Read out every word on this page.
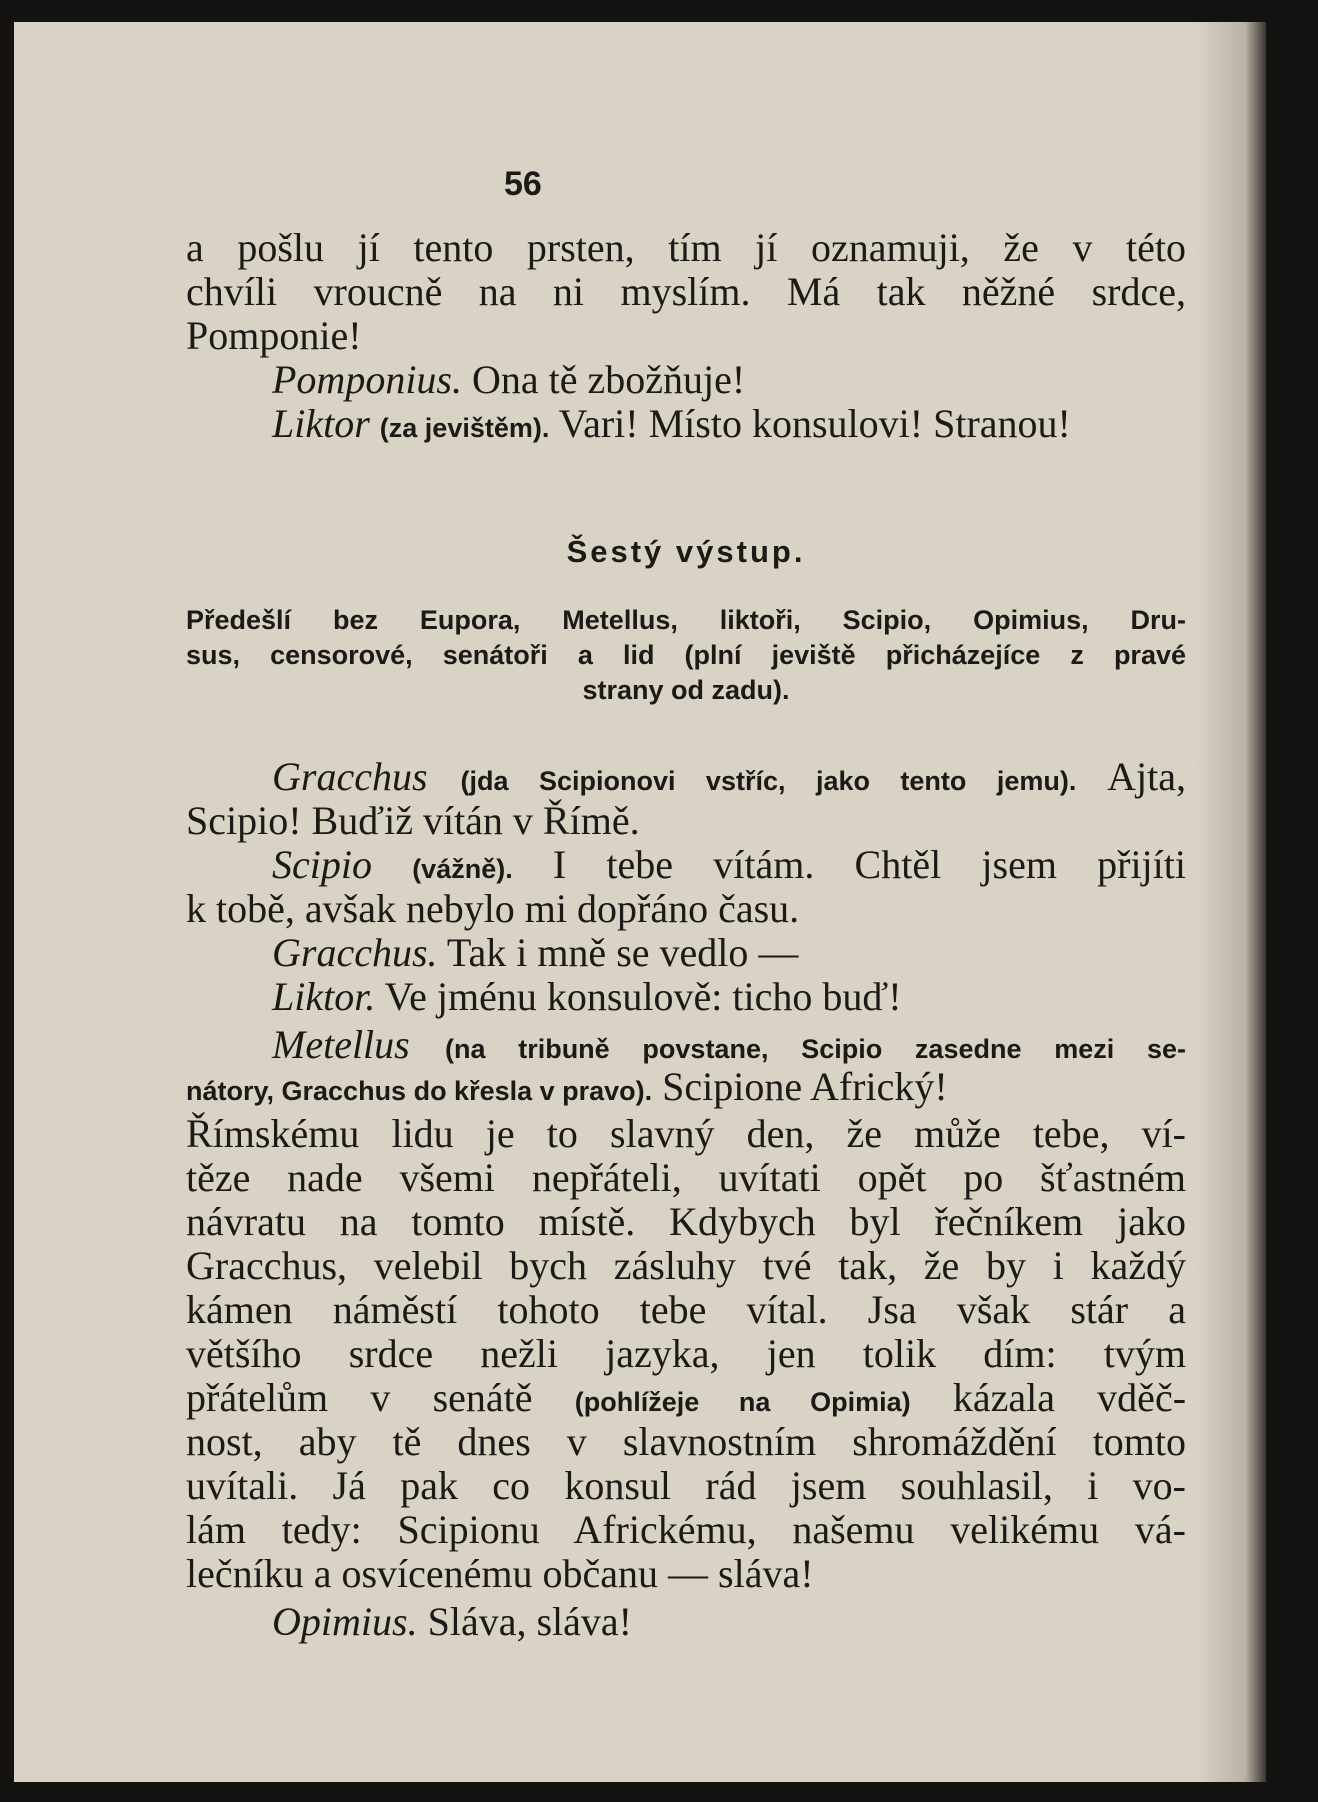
56
a pošlu jí tento prsten, tím jí oznamuji, že v této
chvíli vroucně na ni myslím. Má tak něžné srdce,
Pomponie!
Pomponius. Ona tě zbožňuje!
Liktor (za jevištěm). Vari! Místo konsulovi! Stranou!
Šestý výstup.
Předešlí bez Eupora, Metellus, liktoři, Scipio, Opimius, Dru-
sus, censorové, senátoři a lid (plní jeviště přicházejíce z pravé
strany od zadu).
Gracchus (jda Scipionovi vstříc, jako tento jemu). Ajta,
Scipio! Buďiž vítán v Římě.
Scipio (vážně). I tebe vítám. Chtěl jsem přijíti
k tobě, avšak nebylo mi dopřáno času.
Gracchus. Tak i mně se vedlo —
Liktor. Ve jménu konsulově: ticho buď!
Metellus (na tribuně povstane, Scipio zasedne mezi se-
nátory, Gracchus do křesla v pravo). Scipione Africký!
Římskému lidu je to slavný den, že může tebe, ví-
těze nade všemi nepřáteli, uvítati opět po šťastném
návratu na tomto místě. Kdybych byl řečníkem jako
Gracchus, velebil bych zásluhy tvé tak, že by i každý
kámen náměstí tohoto tebe vítal. Jsa však stár a
většího srdce nežli jazyka, jen tolik dím: tvým
přátelům v senátě (pohlížeje na Opimia) kázala vděč-
nost, aby tě dnes v slavnostním shromáždění tomto
uvítali. Já pak co konsul rád jsem souhlasil, i vo-
lám tedy: Scipionu Africkému, našemu velikému vá-
lečníku a osvícenému občanu — sláva!
Opimius. Sláva, sláva!
